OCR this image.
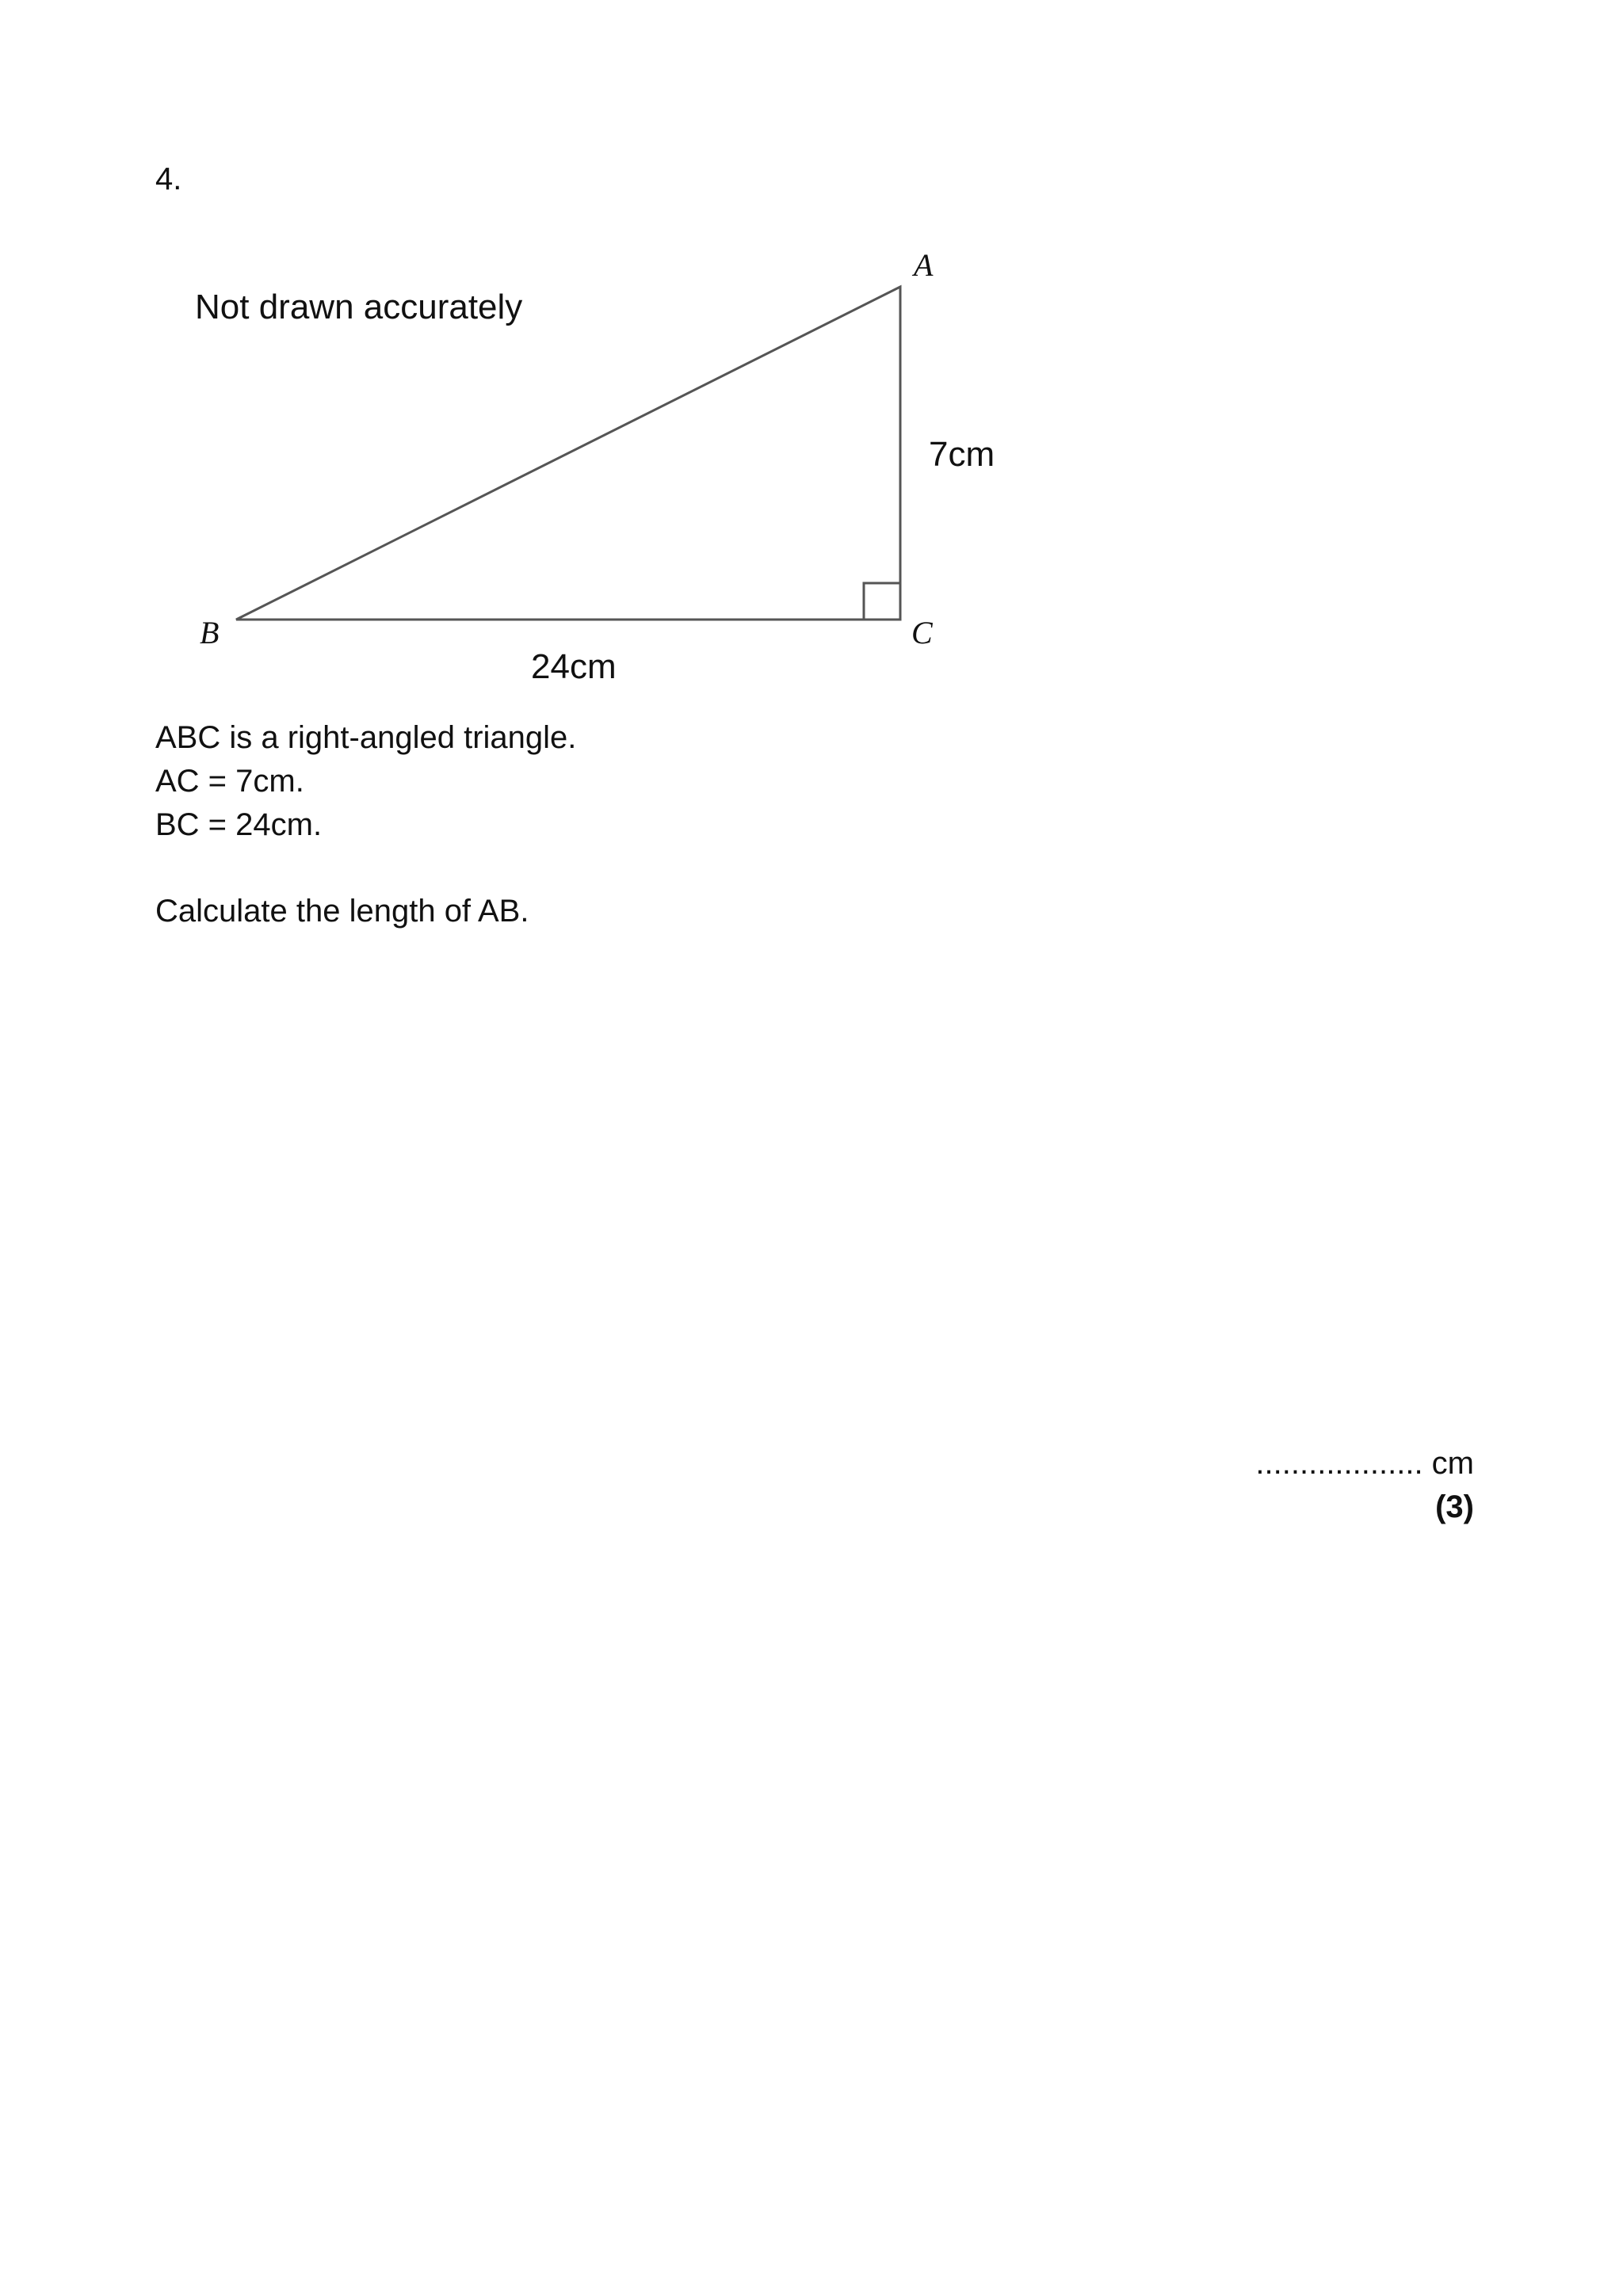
4.
Not drawn accurately
A
B	C
7cm
24cm
ABC is a right-angled triangle.
AC = 7cm.
BC = 24cm.
Calculate the length of AB.
................... cm
(3)
